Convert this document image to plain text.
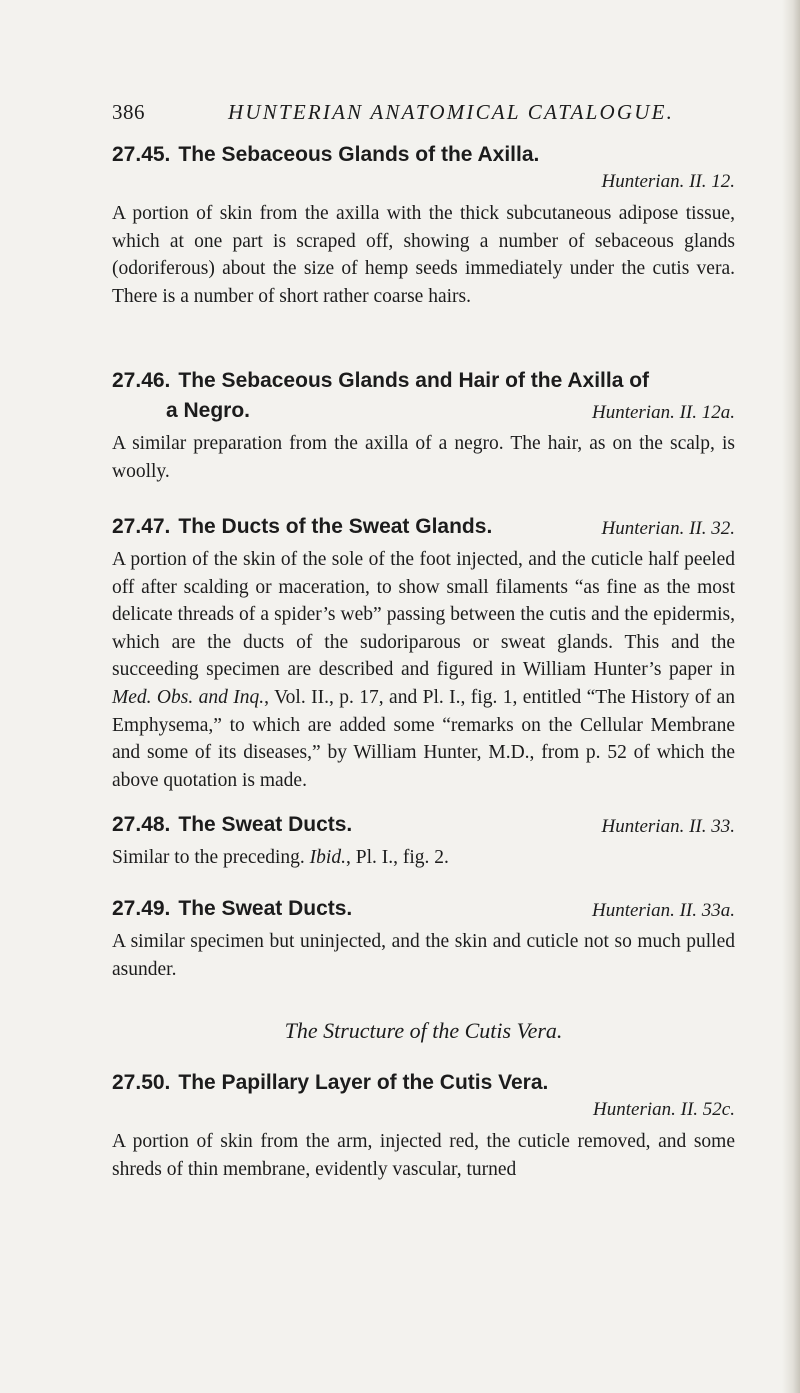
386	HUNTERIAN ANATOMICAL CATALOGUE.

27.45. The Sebaceous Glands of the Axilla.

Hunterian. II. 12.

A portion of skin from the axilla with the thick subcutaneous adipose tissue, which at one part is scraped off, showing a number of sebaceous glands (odoriferous) about the size of hemp seeds immediately under the cutis vera. There is a number of short rather coarse hairs.

27.46. The Sebaceous Glands and Hair of the Axilla of

a Negro.	Hunterian. II. 12a.

A similar preparation from the axilla of a negro. The hair, as on the scalp, is woolly.

27.47. The Ducts of the Sweat Glands.	Hunterian. II. 32.

A portion of the skin of the sole of the foot injected, and the cuticle half peeled off after scalding or maceration, to show small filaments “as fine as the most delicate threads of a spider’s web” passing between the cutis and the epidermis, which are the ducts of the sudoriparous or sweat glands. This and the succeeding specimen are described and figured in William Hunter’s paper in Med. Obs. and Inq., Vol. II., p. 17, and Pl. I., fig. 1, entitled “The History of an Emphysema,” to which are added some “remarks on the Cellular Membrane and some of its diseases,” by William Hunter, M.D., from p. 52 of which the above quotation is made.

27.48. The Sweat Ducts.	Hunterian. II. 33.

Similar to the preceding. Ibid., Pl. I., fig. 2.

27.49. The Sweat Ducts.	Hunterian. II. 33a.

A similar specimen but uninjected, and the skin and cuticle not so much pulled asunder.

The Structure of the Cutis Vera.

27.50. The Papillary Layer of the Cutis Vera.

Hunterian. II. 52c.

A portion of skin from the arm, injected red, the cuticle removed, and some shreds of thin membrane, evidently vascular, turned
